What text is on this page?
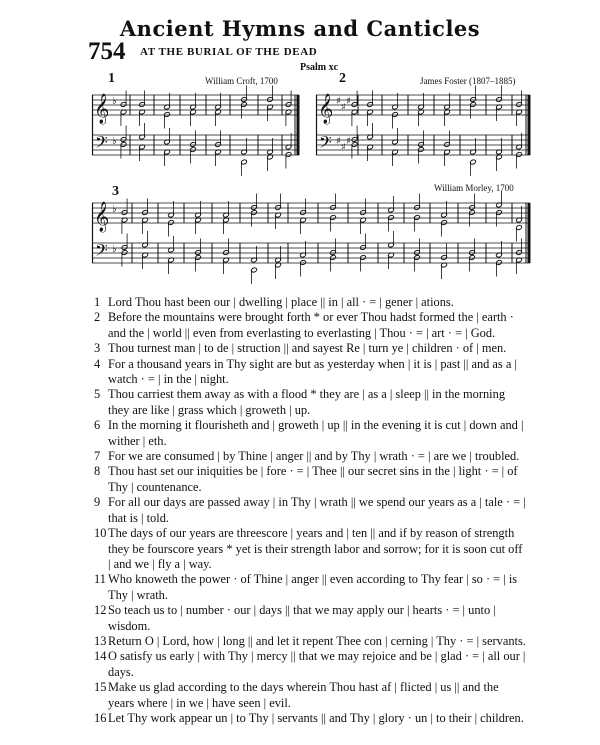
Ancient Hymns and Canticles
754 AT THE BURIAL OF THE DEAD
Psalm xc
1	William Croft, 1700
𝄞
𝄢
♭
♭
2	James Foster (1807–1885)
𝄞
𝄢
♯
♯
♯
♯
♯
♯
3	William Morley, 1700
𝄞
𝄢
♭
♭
1 Lord Thou hast been our | dwelling | place || in | all · = | gener | ations.
2 Before the mountains were brought forth * or ever Thou hadst formed the | earth · and the | world || even from everlasting to everlasting | Thou · = | art · = | God.
3 Thou turnest man | to de | struction || and sayest Re | turn ye | children · of | men.
4 For a thousand years in Thy sight are but as yesterday when | it is | past || and as a | watch · = | in the | night.
5 Thou carriest them away as with a flood * they are | as a | sleep || in the morning they are like | grass which | groweth | up.
6 In the morning it flourisheth and | groweth | up || in the evening it is cut | down and | wither | eth.
7 For we are consumed | by Thine | anger || and by Thy | wrath · = | are we | troubled.
8 Thou hast set our iniquities be | fore · = | Thee || our secret sins in the | light · = | of Thy | countenance.
9 For all our days are passed away | in Thy | wrath || we spend our years as a | tale · = | that is | told.
10 The days of our years are threescore | years and | ten || and if by reason of strength they be fourscore years * yet is their strength labor and sorrow; for it is soon cut off | and we | fly a | way.
11 Who knoweth the power · of Thine | anger || even according to Thy fear | so · = | is Thy | wrath.
12 So teach us to | number · our | days || that we may apply our | hearts · = | unto | wisdom.
13 Return O | Lord, how | long || and let it repent Thee con | cerning | Thy · = | servants.
14 O satisfy us early | with Thy | mercy || that we may rejoice and be | glad · = | all our | days.
15 Make us glad according to the days wherein Thou hast af | flicted | us || and the years where | in we | have seen | evil.
16 Let Thy work appear un | to Thy | servants || and Thy | glory · un | to their | children.
